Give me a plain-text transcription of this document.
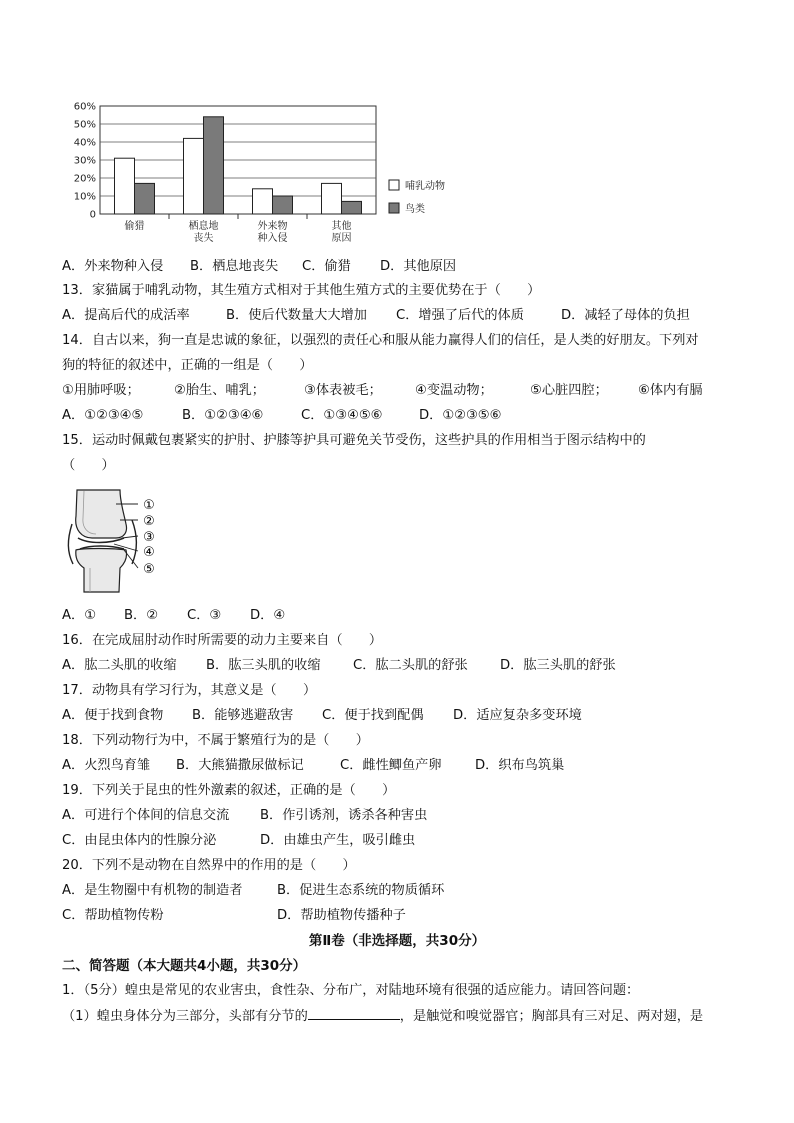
60%
50%
40%
30%
20%
10%
0
偷猎	栖息地
丧失
外来物
种入侵
其他
原因
哺乳动物
鸟类
A．外来物种入侵 B．栖息地丧失 C．偷猎 D．其他原因
13．家猫属于哺乳动物，其生殖方式相对于其他生殖方式的主要优势在于（　　）
A．提高后代的成活率	B．使后代数量大大增加 C．增强了后代的体质	D．减轻了母体的负担
14．自古以来，狗一直是忠诚的象征，以强烈的责任心和服从能力赢得人们的信任，是人类的好朋友。下列对
狗的特征的叙述中，正确的一组是（　　）
①用肺呼吸；	②胎生、哺乳；	③体表被毛；	④变温动物；	⑤心脏四腔； ⑥体内有膈
A．①②③④⑤	B．①②③④⑥	C．①③④⑤⑥	D．①②③⑤⑥
15．运动时佩戴包裹紧实的护肘、护膝等护具可避免关节受伤，这些护具的作用相当于图示结构中的
（　　）
①
②
③
④
⑤
A．① B．② C．③ D．④
16．在完成屈肘动作时所需要的动力主要来自（　　）
A．肱二头肌的收缩 B．肱三头肌的收缩 C．肱二头肌的舒张 D．肱三头肌的舒张
17．动物具有学习行为，其意义是（　　）
A．便于找到食物 B．能够逃避敌害 C．便于找到配偶 D．适应复杂多变环境
18．下列动物行为中，不属于繁殖行为的是（　　）
A．火烈鸟育雏 B．大熊猫撒尿做标记	C．雌性鲫鱼产卵	D．织布鸟筑巢
19．下列关于昆虫的性外激素的叙述，正确的是（　　）
A．可进行个体间的信息交流 B．作引诱剂，诱杀各种害虫
C．由昆虫体内的性腺分泌	D．由雄虫产生，吸引雌虫
20．下列不是动物在自然界中的作用的是（　　）
A．是生物圈中有机物的制造者	B．促进生态系统的物质循环
C．帮助植物传粉	D．帮助植物传播种子
第Ⅱ卷（非选择题，共30分）
二、简答题（本大题共4小题，共30分）
1．（5分）蝗虫是常见的农业害虫，食性杂、分布广，对陆地环境有很强的适应能力。请回答问题：
（1）蝗虫身体分为三部分，头部有分节的	，是触觉和嗅觉器官；胸部具有三对足、两对翅，是
